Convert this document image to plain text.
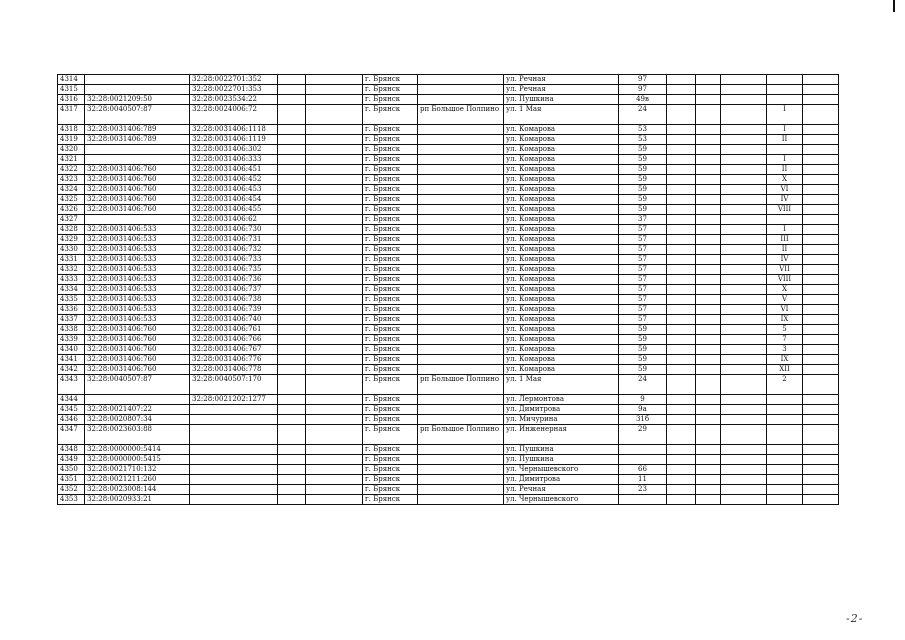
4314		32:28:0022701:352			г. Брянск		ул. Речная	97					
4315		32:28:0022701:353			г. Брянск		ул. Речная	97					
4316	32:28:0021209:50	32:28:0023534:22			г. Брянск		ул. Пушкина	49в					
4317	32:28:0040507:87	32:28:0024006:72			г. Брянск	рп Большое Полпино	ул. 1 Мая	24				I	
4318	32:28:0031406:789	32:28:0031406:1118			г. Брянск		ул. Комарова	53				I	
4319	32:28:0031406:789	32:28:0031406:1119			г. Брянск		ул. Комарова	53				II	
4320		32:28:0031406:302			г. Брянск		ул. Комарова	59					
4321		32:28:0031406:333			г. Брянск		ул. Комарова	59				I	
4322	32:28:0031406:760	32:28:0031406:451			г. Брянск		ул. Комарова	59				II	
4323	32:28:0031406:760	32:28:0031406:452			г. Брянск		ул. Комарова	59				X	
4324	32:28:0031406:760	32:28:0031406:453			г. Брянск		ул. Комарова	59				VI	
4325	32:28:0031406:760	32:28:0031406:454			г. Брянск		ул. Комарова	59				IV	
4326	32:28:0031406:760	32:28:0031406:455			г. Брянск		ул. Комарова	59				VIII	
4327		32:28:0031406:62			г. Брянск		ул. Комарова	37					
4328	32:28:0031406:533	32:28:0031406:730			г. Брянск		ул. Комарова	57				I	
4329	32:28:0031406:533	32:28:0031406:731			г. Брянск		ул. Комарова	57				III	
4330	32:28:0031406:533	32:28:0031406:732			г. Брянск		ул. Комарова	57				II	
4331	32:28:0031406:533	32:28:0031406:733			г. Брянск		ул. Комарова	57				IV	
4332	32:28:0031406:533	32:28:0031406:735			г. Брянск		ул. Комарова	57				VII	
4333	32:28:0031406:533	32:28:0031406:736			г. Брянск		ул. Комарова	57				VIII	
4334	32:28:0031406:533	32:28:0031406:737			г. Брянск		ул. Комарова	57				X	
4335	32:28:0031406:533	32:28:0031406:738			г. Брянск		ул. Комарова	57				V	
4336	32:28:0031406:533	32:28:0031406:739			г. Брянск		ул. Комарова	57				VI	
4337	32:28:0031406:533	32:28:0031406:740			г. Брянск		ул. Комарова	57				IX	
4338	32:28:0031406:760	32:28:0031406:761			г. Брянск		ул. Комарова	59				5	
4339	32:28:0031406:760	32:28:0031406:766			г. Брянск		ул. Комарова	59				7	
4340	32:28:0031406:760	32:28:0031406:767			г. Брянск		ул. Комарова	59				3	
4341	32:28:0031406:760	32:28:0031406:776			г. Брянск		ул. Комарова	59				IX	
4342	32:28:0031406:760	32:28:0031406:778			г. Брянск		ул. Комарова	59				XII	
4343	32:28:0040507:87	32:28:0040507:170			г. Брянск	рп Большое Полпино	ул. 1 Мая	24				2	
4344		32:28:0021202:1277			г. Брянск		ул. Лермонтова	9					
4345	32:28:0021407:22				г. Брянск		ул. Димитрова	9а					
4346	32:28:0020807:34				г. Брянск		ул. Мичурина	31б					
4347	32:28:0023603:88				г. Брянск	рп Большое Полпино	ул. Инженерная	29					
4348	32:28:0000000:5414				г. Брянск		ул. Пушкина						
4349	32:28:0000000:5415				г. Брянск		ул. Пушкина						
4350	32:28:0021710:132				г. Брянск		ул. Чернышевского	66					
4351	32:28:0021211:260				г. Брянск		ул. Димитрова	11					
4352	32:28:0023008:144				г. Брянск		ул. Речная	23					
4353	32:28:0020933:21				г. Брянск		ул. Чернышевского						
-2-
